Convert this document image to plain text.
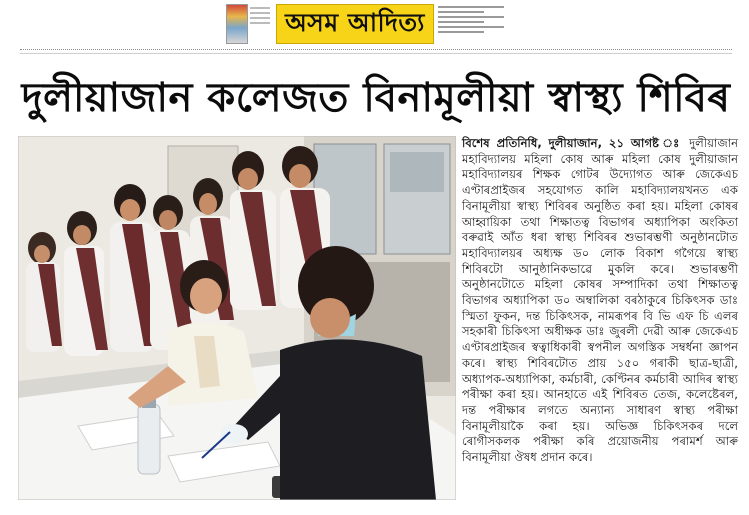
অসম আদিত্য
দুলীয়াজান কলেজত বিনামূলীয়া স্বাস্থ্য শিবিৰ

বিশেষ প্ৰতিনিধি, দুলীয়াজান, ২১ আগষ্ট ঃ দুলীয়াজান মহাবিদ্যালয় মহিলা কোষ আৰু মহিলা কোষ দুলীয়াজান মহাবিদ্যালয়ৰ শিক্ষক গোটৰ উদ্যোগত আৰু জেকেএচ এণ্টাৰপ্ৰাইজৰ সহযোগত কালি মহাবিদ্যালয়খনত এক বিনামূলীয়া স্বাস্থ্য শিবিৰৰ অনুষ্ঠিত কৰা হয়। মহিলা কোষৰ আহ্বায়িকা তথা শিক্ষাতত্ব বিভাগৰ অধ্যাপিকা অংকিতা বৰুৱাই আঁত ধৰা স্বাস্থ্য শিবিৰৰ শুভাৰম্ভণী অনুষ্ঠানটোত মহাবিদ্যালয়ৰ অধ্যক্ষ ড০ লোক বিকাশ গগৈয়ে স্বাস্থ্য শিবিৰটো আনুষ্ঠানিকভাৱে মুকলি কৰে। শুভাৰম্ভণী অনুষ্ঠানটোতে মহিলা কোষৰ সম্পাদিকা তথা শিক্ষাতত্ব বিভাগৰ অধ্যাপিকা ড০ অম্বালিকা বৰঠাকুৰে চিকিৎসক ডাঃ স্মিতা ফুকন, দন্ত চিকিৎসক, নামৰূপৰ বি ভি এফ চি এলৰ সহকাৰী চিকিৎসা অধীক্ষক ডাঃ জুৰলী দেৱী আৰু জেকেএচ এণ্টাৰপ্ৰাইজৰ স্বত্বাধিকাৰী স্বপনীল অগস্তিক সম্বৰ্ধনা জ্ঞাপন কৰে। স্বাস্থ্য শিবিৰটোত প্ৰায় ১৫০ গৰাকী ছাত্ৰ-ছাত্ৰী, অধ্যাপক-অধ্যাপিকা, কৰ্মচাৰী, কেণ্টিনৰ কৰ্মচাৰী আদিৰ স্বাস্থ্য পৰীক্ষা কৰা হয়। আনহাতে এই শিবিৰত তেজ, কলেষ্টেৰল, দন্ত পৰীক্ষাৰ লগতে অন্যান্য সাধাৰণ স্বাস্থ্য পৰীক্ষা বিনামূলীয়াকৈ কৰা হয়। অভিজ্ঞ চিকিৎসকৰ দলে ৰোগীসকলক পৰীক্ষা কৰি প্ৰয়োজনীয় পৰামৰ্শ আৰু বিনামূলীয়া ঔষধ প্ৰদান কৰে।
